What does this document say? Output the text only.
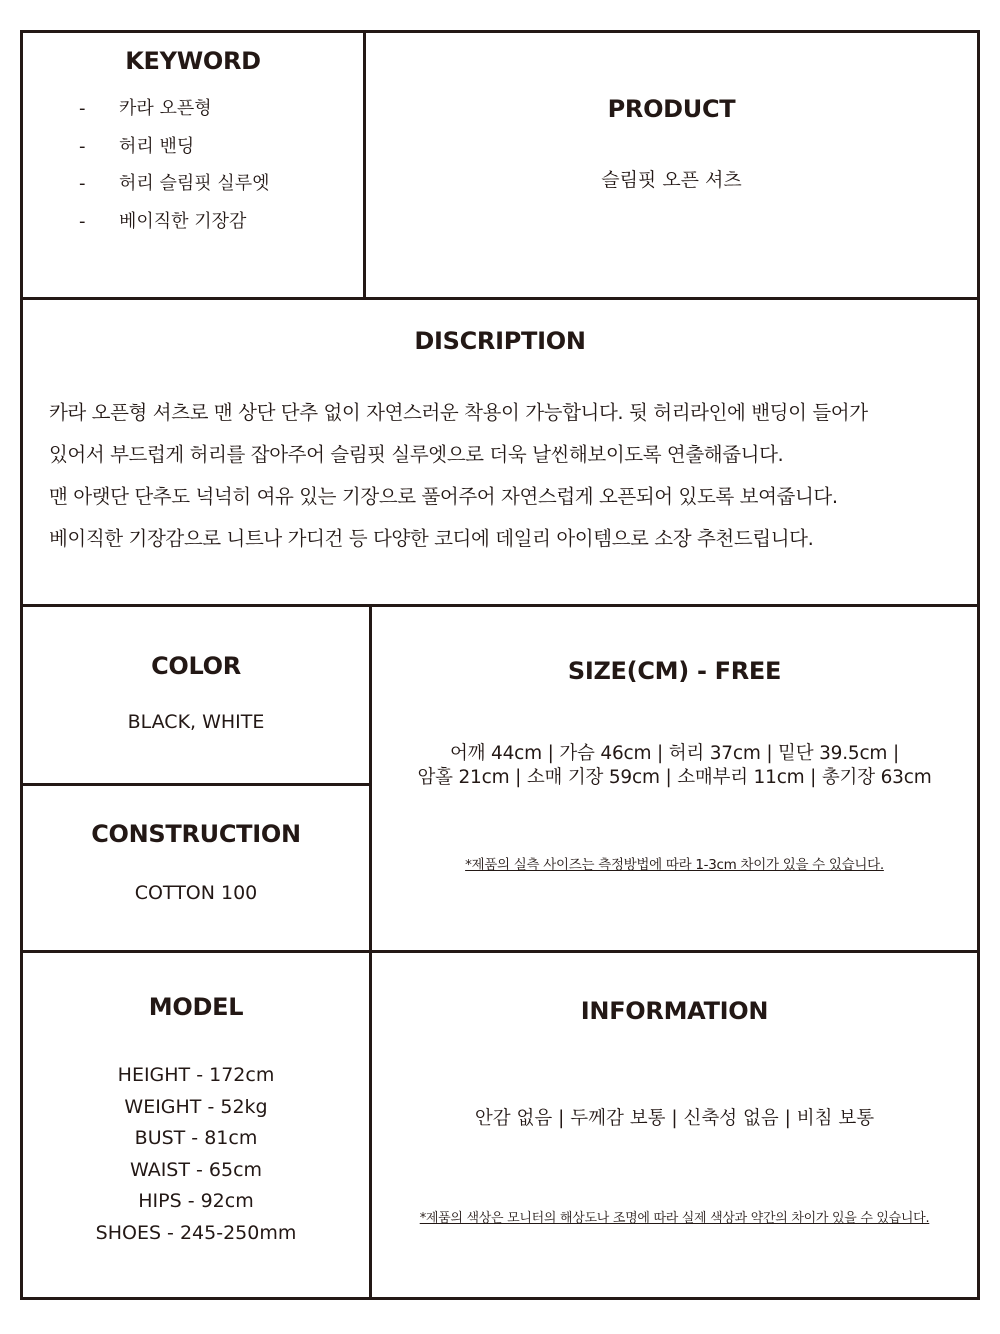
KEYWORD
-	카라 오픈형
-	허리 밴딩
-	허리 슬림핏 실루엣
-	베이직한 기장감
PRODUCT
슬림핏 오픈 셔츠
DISCRIPTION
카라 오픈형 셔츠로 맨 상단 단추 없이 자연스러운 착용이 가능합니다. 뒷 허리라인에 밴딩이 들어가
있어서 부드럽게 허리를 잡아주어 슬림핏 실루엣으로 더욱 날씬해보이도록 연출해줍니다.
맨 아랫단 단추도 넉넉히 여유 있는 기장으로 풀어주어 자연스럽게 오픈되어 있도록 보여줍니다.
베이직한 기장감으로 니트나 가디건 등 다양한 코디에 데일리 아이템으로 소장 추천드립니다.
COLOR
BLACK, WHITE
CONSTRUCTION
COTTON 100
SIZE(CM) - FREE
어깨 44cm | 가슴 46cm | 허리 37cm | 밑단 39.5cm |
암홀 21cm | 소매 기장 59cm | 소매부리 11cm | 총기장 63cm
*제품의 실측 사이즈는 측정방법에 따라 1-3cm 차이가 있을 수 있습니다.
MODEL
HEIGHT - 172cm
WEIGHT - 52kg
BUST - 81cm
WAIST - 65cm
HIPS - 92cm
SHOES - 245-250mm
INFORMATION
안감 없음 | 두께감 보통 | 신축성 없음 | 비침 보통
*제품의 색상은 모니터의 해상도나 조명에 따라 실제 색상과 약간의 차이가 있을 수 있습니다.
